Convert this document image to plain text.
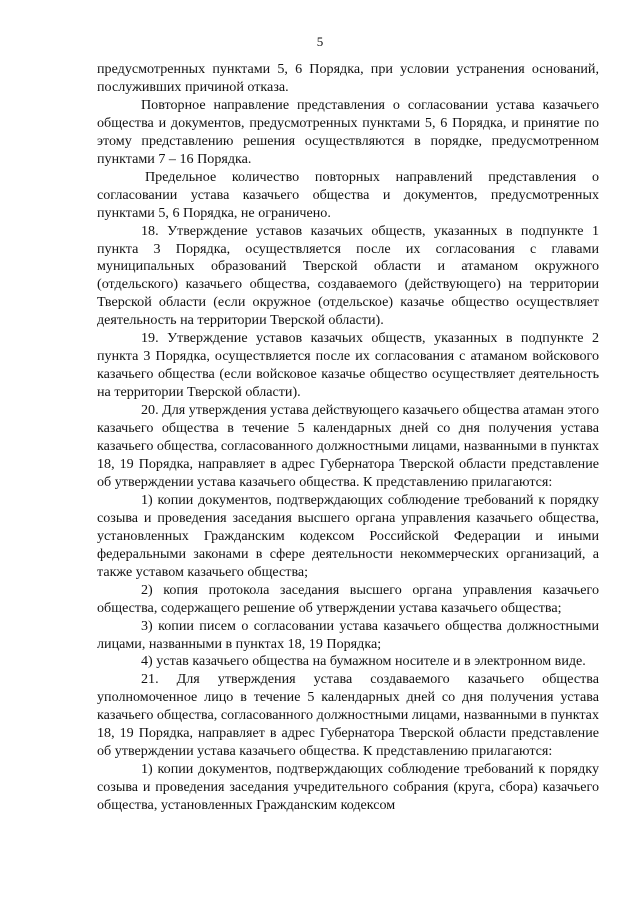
5

предусмотренных пунктами 5, 6 Порядка, при условии устранения оснований, послуживших причиной отказа.

Повторное направление представления о согласовании устава казачьего общества и документов, предусмотренных пунктами 5, 6 Порядка, и принятие по этому представлению решения осуществляются в порядке, предусмотренном пунктами 7 – 16 Порядка.

Предельное количество повторных направлений представления о согласовании устава казачьего общества и документов, предусмотренных пунктами 5, 6 Порядка, не ограничено.

18. Утверждение уставов казачьих обществ, указанных в подпункте 1 пункта 3 Порядка, осуществляется после их согласования с главами муниципальных образований Тверской области и атаманом окружного (отдельского) казачьего общества, создаваемого (действующего) на территории Тверской области (если окружное (отдельское) казачье общество осуществляет деятельность на территории Тверской области).

19. Утверждение уставов казачьих обществ, указанных в подпункте 2 пункта 3 Порядка, осуществляется после их согласования с атаманом войскового казачьего общества (если войсковое казачье общество осуществляет деятельность на территории Тверской области).

20. Для утверждения устава действующего казачьего общества атаман этого казачьего общества в течение 5 календарных дней со дня получения устава казачьего общества, согласованного должностными лицами, названными в пунктах 18, 19 Порядка, направляет в адрес Губернатора Тверской области представление об утверждении устава казачьего общества. К представлению прилагаются:

1) копии документов, подтверждающих соблюдение требований к порядку созыва и проведения заседания высшего органа управления казачьего общества, установленных Гражданским кодексом Российской Федерации и иными федеральными законами в сфере деятельности некоммерческих организаций, а также уставом казачьего общества;

2) копия протокола заседания высшего органа управления казачьего общества, содержащего решение об утверждении устава казачьего общества;

3) копии писем о согласовании устава казачьего общества должностными лицами, названными в пунктах 18, 19 Порядка;

4) устав казачьего общества на бумажном носителе и в электронном виде.

21. Для утверждения устава создаваемого казачьего общества уполномоченное лицо в течение 5 календарных дней со дня получения устава казачьего общества, согласованного должностными лицами, названными в пунктах 18, 19 Порядка, направляет в адрес Губернатора Тверской области представление об утверждении устава казачьего общества. К представлению прилагаются:

1) копии документов, подтверждающих соблюдение требований к порядку созыва и проведения заседания учредительного собрания (круга, сбора) казачьего общества, установленных Гражданским кодексом
